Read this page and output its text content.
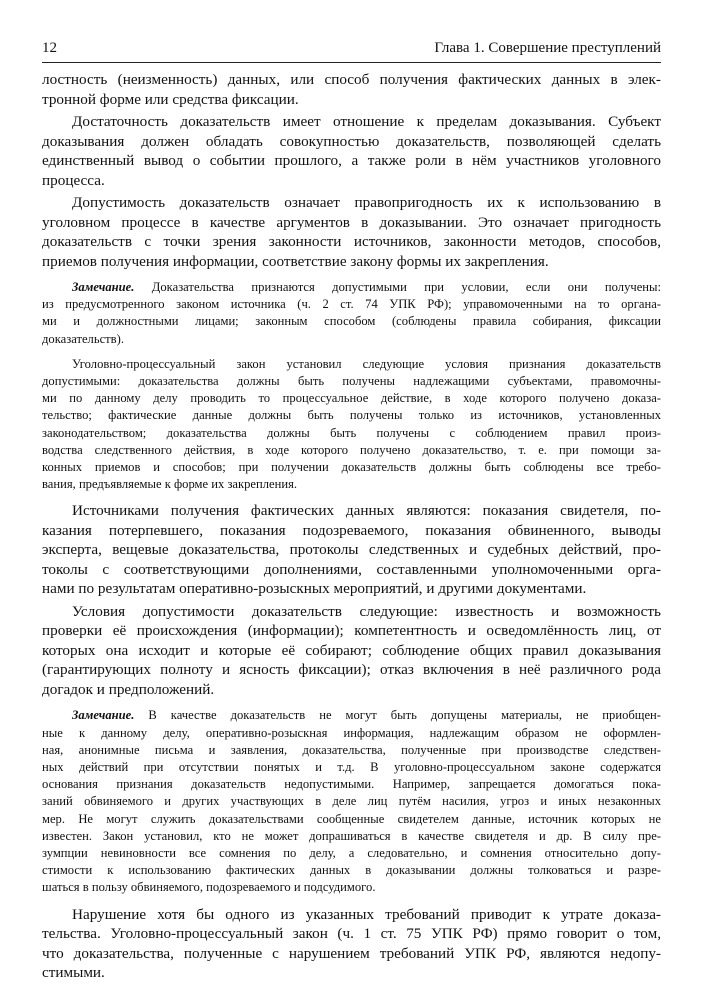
12	Глава 1. Совершение преступлений
лостность (неизменность) данных, или способ получения фактических данных в элек-
тронной форме или средства фиксации.
Достаточность доказательств имеет отношение к пределам доказывания. Субъект
доказывания должен обладать совокупностью доказательств, позволяющей сделать
единственный вывод о событии прошлого, а также роли в нём участников уголовного
процесса.
Допустимость доказательств означает правопригодность их к использованию в
уголовном процессе в качестве аргументов в доказывании. Это означает пригодность
доказательств с точки зрения законности источников, законности методов, способов,
приемов получения информации, соответствие закону формы их закрепления.
Замечание. Доказательства признаются допустимыми при условии, если они получены:
из предусмотренного законом источника (ч. 2 ст. 74 УПК РФ); управомоченными на то органа-
ми и должностными лицами; законным способом (соблюдены правила собирания, фиксации
доказательств).
Уголовно-процессуальный закон установил следующие условия признания доказательств
допустимыми: доказательства должны быть получены надлежащими субъектами, правомочны-
ми по данному делу проводить то процессуальное действие, в ходе которого получено доказа-
тельство; фактические данные должны быть получены только из источников, установленных
законодательством; доказательства должны быть получены с соблюдением правил произ-
водства следственного действия, в ходе которого получено доказательство, т. е. при помощи за-
конных приемов и способов; при получении доказательств должны быть соблюдены все требо-
вания, предъявляемые к форме их закрепления.
Источниками получения фактических данных являются: показания свидетеля, по-
казания потерпевшего, показания подозреваемого, показания обвиненного, выводы
эксперта, вещевые доказательства, протоколы следственных и судебных действий, про-
токолы с соответствующими дополнениями, составленными уполномоченными орга-
нами по результатам оперативно-розыскных мероприятий, и другими документами.
Условия допустимости доказательств следующие: известность и возможность
проверки её происхождения (информации); компетентность и осведомлённость лиц, от
которых она исходит и которые её собирают; соблюдение общих правил доказывания
(гарантирующих полноту и ясность фиксации); отказ включения в неё различного рода
догадок и предположений.
Замечание. В качестве доказательств не могут быть допущены материалы, не приобщен-
ные к данному делу, оперативно-розыскная информация, надлежащим образом не оформлен-
ная, анонимные письма и заявления, доказательства, полученные при производстве следствен-
ных действий при отсутствии понятых и т.д. В уголовно-процессуальном законе содержатся
основания признания доказательств недопустимыми. Например, запрещается домогаться пока-
заний обвиняемого и других участвующих в деле лиц путём насилия, угроз и иных незаконных
мер. Не могут служить доказательствами сообщенные свидетелем данные, источник которых не
известен. Закон установил, кто не может допрашиваться в качестве свидетеля и др. В силу пре-
зумпции невиновности все сомнения по делу, а следовательно, и сомнения относительно допу-
стимости к использованию фактических данных в доказывании должны толковаться и разре-
шаться в пользу обвиняемого, подозреваемого и подсудимого.
Нарушение хотя бы одного из указанных требований приводит к утрате доказа-
тельства. Уголовно-процессуальный закон (ч. 1 ст. 75 УПК РФ) прямо говорит о том,
что доказательства, полученные с нарушением требований УПК РФ, являются недопу-
стимыми.
